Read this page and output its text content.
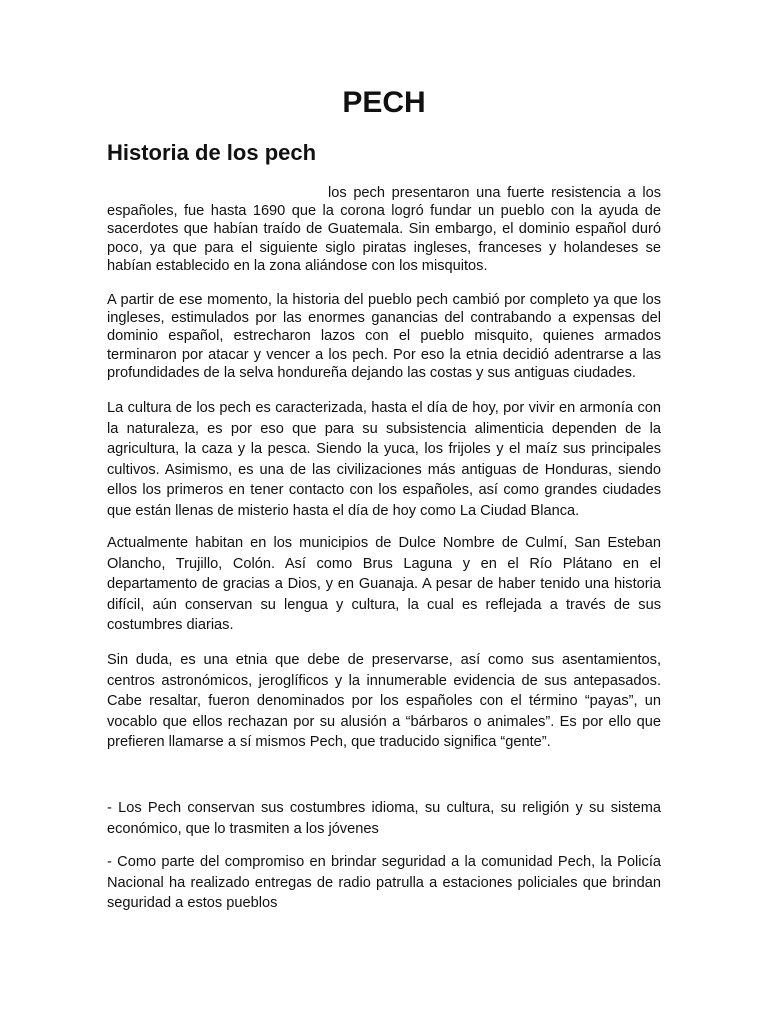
PECH
Historia de los pech

los pech presentaron una fuerte resistencia a los españoles, fue hasta 1690 que la corona logró fundar un pueblo con la ayuda de sacerdotes que habían traído de Guatemala. Sin embargo, el dominio español duró poco, ya que para el siguiente siglo piratas ingleses, franceses y holandeses se habían establecido en la zona aliándose con los misquitos.

A partir de ese momento, la historia del pueblo pech cambió por completo ya que los ingleses, estimulados por las enormes ganancias del contrabando a expensas del dominio español, estrecharon lazos con el pueblo misquito, quienes armados terminaron por atacar y vencer a los pech. Por eso la etnia decidió adentrarse a las profundidades de la selva hondureña dejando las costas y sus antiguas ciudades.

La cultura de los pech es caracterizada, hasta el día de hoy, por vivir en armonía con la naturaleza, es por eso que para su subsistencia alimenticia dependen de la agricultura, la caza y la pesca. Siendo la yuca, los frijoles y el maíz sus principales cultivos. Asimismo, es una de las civilizaciones más antiguas de Honduras, siendo ellos los primeros en tener contacto con los españoles, así como grandes ciudades que están llenas de misterio hasta el día de hoy como La Ciudad Blanca.

Actualmente habitan en los municipios de Dulce Nombre de Culmí, San Esteban Olancho, Trujillo, Colón. Así como Brus Laguna y en el Río Plátano en el departamento de gracias a Dios, y en Guanaja. A pesar de haber tenido una historia difícil, aún conservan su lengua y cultura, la cual es reflejada a través de sus costumbres diarias.

Sin duda, es una etnia que debe de preservarse, así como sus asentamientos, centros astronómicos, jeroglíficos y la innumerable evidencia de sus antepasados. Cabe resaltar, fueron denominados por los españoles con el término “payas”, un vocablo que ellos rechazan por su alusión a “bárbaros o animales”. Es por ello que prefieren llamarse a sí mismos Pech, que traducido significa “gente”.

- Los Pech conservan sus costumbres idioma, su cultura, su religión y su sistema económico, que lo trasmiten a los jóvenes

- Como parte del compromiso en brindar seguridad a la comunidad Pech, la Policía Nacional ha realizado entregas de radio patrulla a estaciones policiales que brindan seguridad a estos pueblos
